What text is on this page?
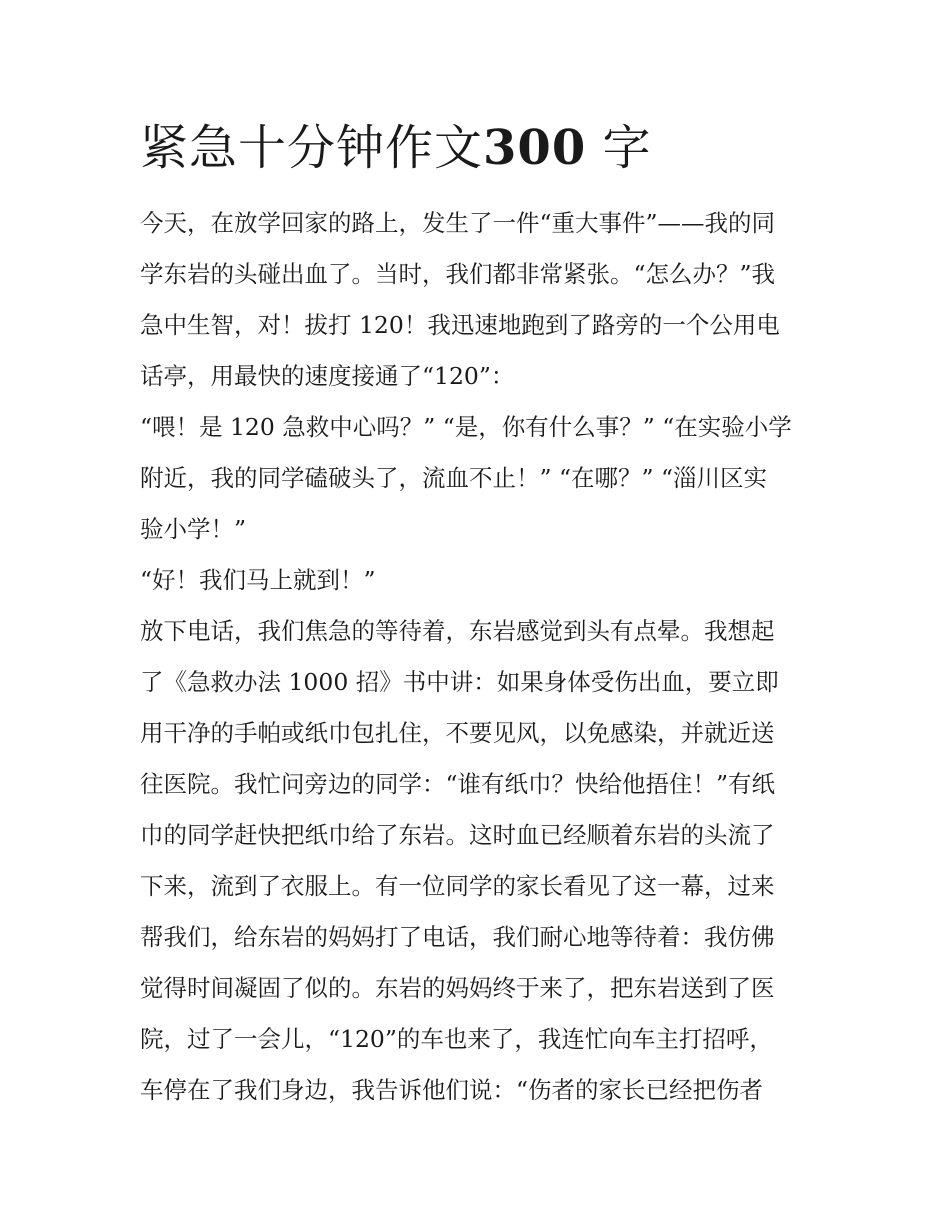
紧急十分钟作文300 字
今天，在放学回家的路上，发生了一件“重大事件”——我的同
学东岩的头碰出血了。当时，我们都非常紧张。“怎么办？”我
急中生智，对！拔打 120！我迅速地跑到了路旁的一个公用电
话亭，用最快的速度接通了“120”：
“喂！是 120 急救中心吗？” “是，你有什么事？” “在实验小学
附近，我的同学磕破头了，流血不止！” “在哪？” “淄川区实
验小学！”
“好！我们马上就到！”
放下电话，我们焦急的等待着，东岩感觉到头有点晕。我想起
了《急救办法 1000 招》书中讲：如果身体受伤出血，要立即
用干净的手帕或纸巾包扎住，不要见风，以免感染，并就近送
往医院。我忙问旁边的同学：“谁有纸巾？快给他捂住！”有纸
巾的同学赶快把纸巾给了东岩。这时血已经顺着东岩的头流了
下来，流到了衣服上。有一位同学的家长看见了这一幕，过来
帮我们，给东岩的妈妈打了电话，我们耐心地等待着：我仿佛
觉得时间凝固了似的。东岩的妈妈终于来了，把东岩送到了医
院，过了一会儿，“120”的车也来了，我连忙向车主打招呼，
车停在了我们身边，我告诉他们说：“伤者的家长已经把伤者
